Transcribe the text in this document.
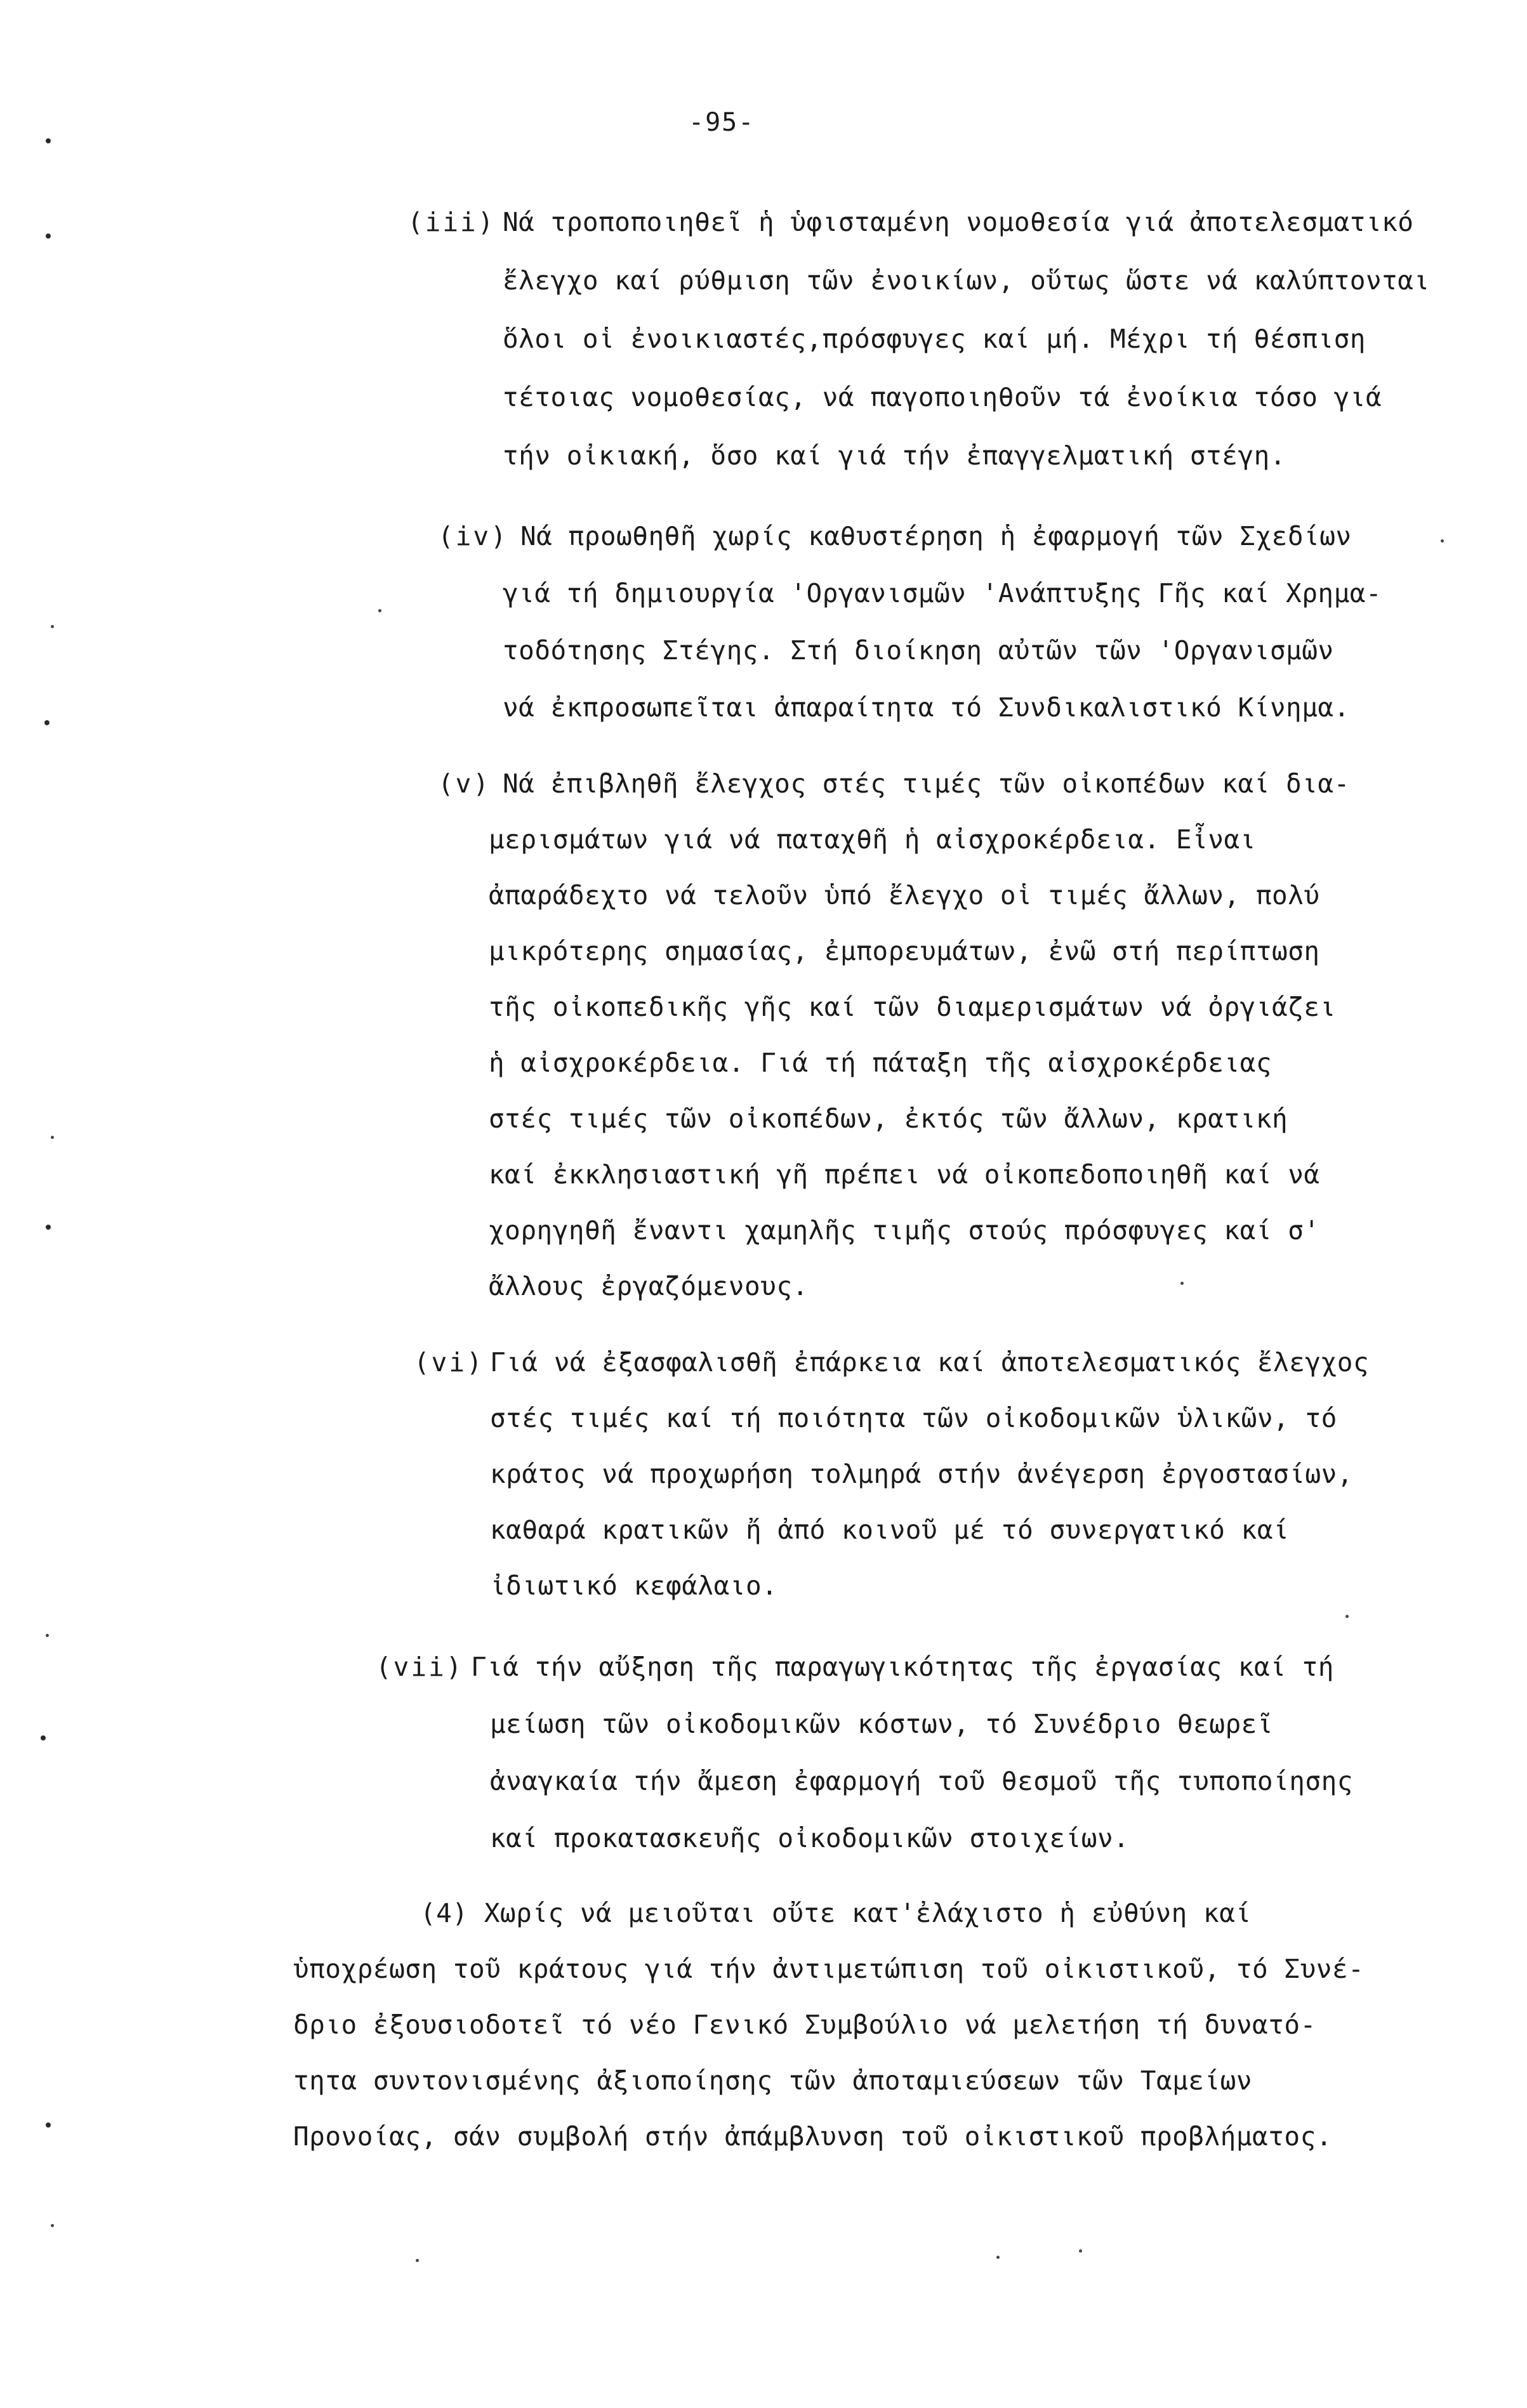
-95-
(iii) Νά τροποποιηθεῖ ἡ ὑφισταμένη νομοθεσία γιά ἀποτελεσματικό
ἔλεγχο καί ρύθμιση τῶν ἐνοικίων, οὕτως ὥστε νά καλύπτονται
ὅλοι οἱ ἐνοικιαστές,πρόσφυγες καί μή. Μέχρι τή θέσπιση
τέτοιας νομοθεσίας, νά παγοποιηθοῦν τά ἐνοίκια τόσο γιά
τήν οἰκιακή, ὅσο καί γιά τήν ἐπαγγελματική στέγη.
(iv) Νά προωθηθῆ χωρίς καθυστέρηση ἡ ἐφαρμογή τῶν Σχεδίων
γιά τή δημιουργία 'Οργανισμῶν 'Ανάπτυξης Γῆς καί Χρημα-
τοδότησης Στέγης. Στή διοίκηση αὐτῶν τῶν 'Οργανισμῶν
νά ἐκπροσωπεῖται ἀπαραίτητα τό Συνδικαλιστικό Κίνημα.
(v) Νά ἐπιβληθῆ ἔλεγχος στές τιμές τῶν οἰκοπέδων καί δια-
μερισμάτων γιά νά παταχθῆ ἡ αἰσχροκέρδεια. Εἶναι
ἀπαράδεχτο νά τελοῦν ὑπό ἔλεγχο οἱ τιμές ἄλλων, πολύ
μικρότερης σημασίας, ἐμπορευμάτων, ἐνῶ στή περίπτωση
τῆς οἰκοπεδικῆς γῆς καί τῶν διαμερισμάτων νά ὀργιάζει
ἡ αἰσχροκέρδεια. Γιά τή πάταξη τῆς αἰσχροκέρδειας
στές τιμές τῶν οἰκοπέδων, ἐκτός τῶν ἄλλων, κρατική
καί ἐκκλησιαστική γῆ πρέπει νά οἰκοπεδοποιηθῆ καί νά
χορηγηθῆ ἔναντι χαμηλῆς τιμῆς στούς πρόσφυγες καί σ'
ἄλλους ἐργαζόμενους.
(vi) Γιά νά ἐξασφαλισθῆ ἐπάρκεια καί ἀποτελεσματικός ἔλεγχος
στές τιμές καί τή ποιότητα τῶν οἰκοδομικῶν ὑλικῶν, τό
κράτος νά προχωρήση τολμηρά στήν ἀνέγερση ἐργοστασίων,
καθαρά κρατικῶν ἤ ἀπό κοινοῦ μέ τό συνεργατικό καί
ἰδιωτικό κεφάλαιο.
(vii) Γιά τήν αὔξηση τῆς παραγωγικότητας τῆς ἐργασίας καί τή
μείωση τῶν οἰκοδομικῶν κόστων, τό Συνέδριο θεωρεῖ
ἀναγκαία τήν ἄμεση ἐφαρμογή τοῦ θεσμοῦ τῆς τυποποίησης
καί προκατασκευῆς οἰκοδομικῶν στοιχείων.
(4) Χωρίς νά μειοῦται οὔτε κατ'ἐλάχιστο ἡ εὐθύνη καί
ὑποχρέωση τοῦ κράτους γιά τήν ἀντιμετώπιση τοῦ οἰκιστικοῦ, τό Συνέ-
δριο ἐξουσιοδοτεῖ τό νέο Γενικό Συμβούλιο νά μελετήση τή δυνατό-
τητα συντονισμένης ἀξιοποίησης τῶν ἀποταμιεύσεων τῶν Ταμείων
Προνοίας, σάν συμβολή στήν ἀπάμβλυνση τοῦ οἰκιστικοῦ προβλήματος.
